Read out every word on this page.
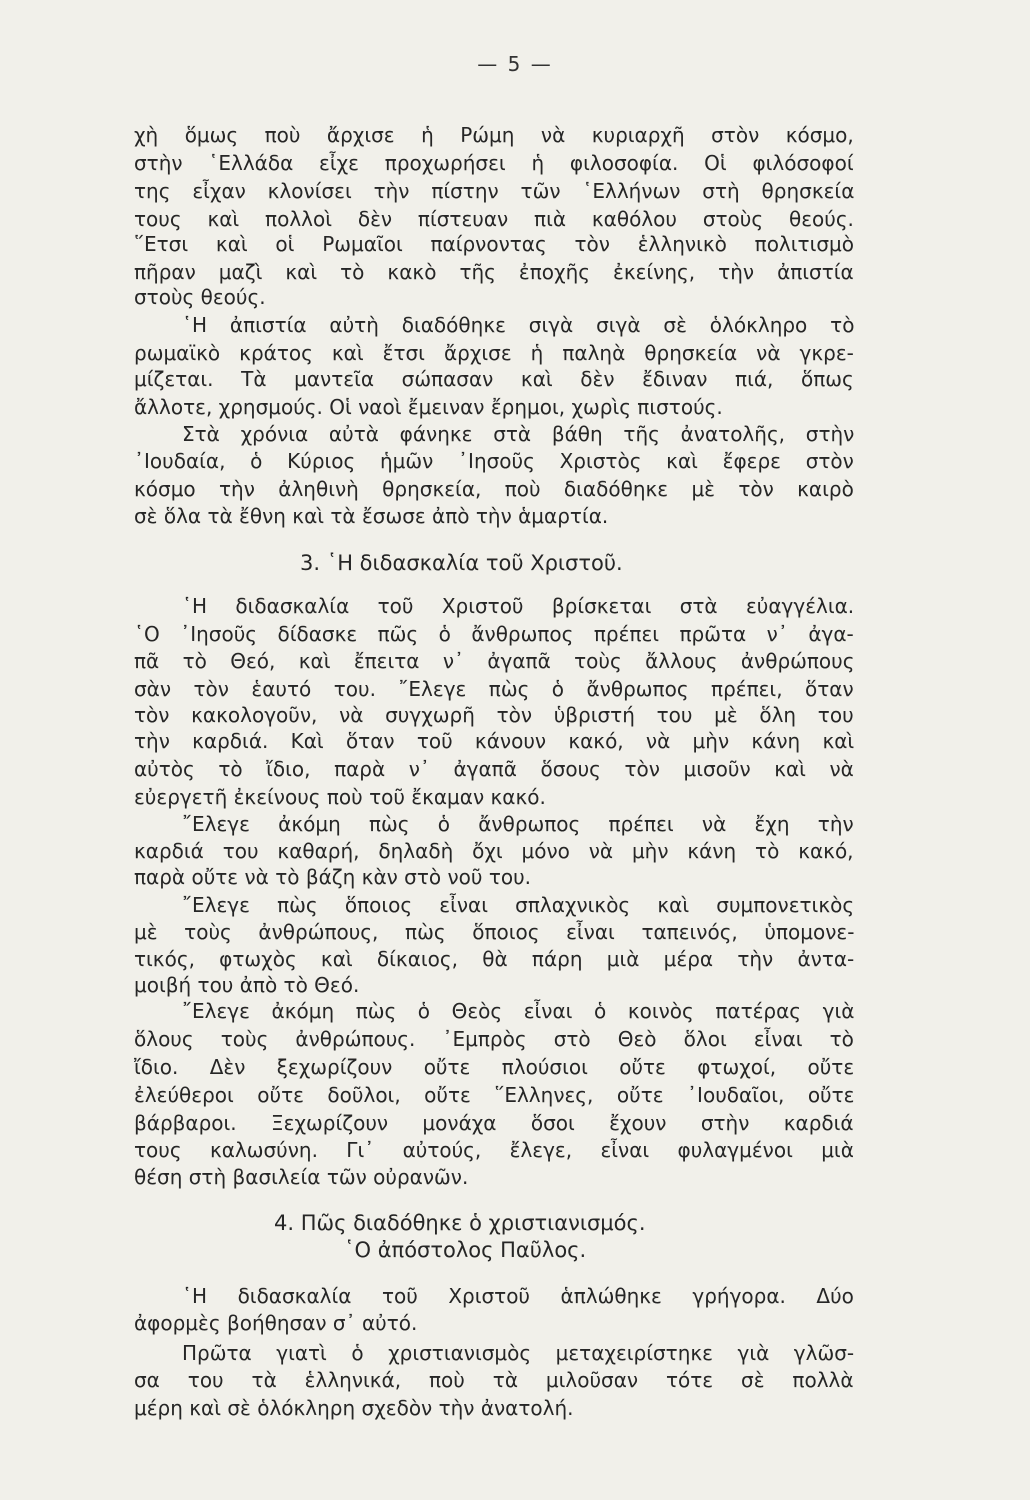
— 5 —

χὴ ὅμως ποὺ ἄρχισε ἡ Ρώμη νὰ κυριαρχῆ στὸν κόσμο,

στὴν ῾Ελλάδα εἶχε προχωρήσει ἡ φιλοσοφία. Οἱ φιλόσοφοί

της εἶχαν κλονίσει τὴν πίστην τῶν ῾Ελλήνων στὴ θρησκεία

τους καὶ πολλοὶ δὲν πίστευαν πιὰ καθόλου στοὺς θεούς.

῞Ετσι καὶ οἱ Ρωμαῖοι παίρνοντας τὸν ἑλληνικὸ πολιτισμὸ

πῆραν μαζὶ καὶ τὸ κακὸ τῆς ἐποχῆς ἐκείνης, τὴν ἀπιστία

στοὺς θεούς.

῾Η ἀπιστία αὐτὴ διαδόθηκε σιγὰ σιγὰ σὲ ὁλόκληρο τὸ

ρωμαϊκὸ κράτος καὶ ἔτσι ἄρχισε ἡ παληὰ θρησκεία νὰ γκρε-

μίζεται. Τὰ μαντεῖα σώπασαν καὶ δὲν ἔδιναν πιά, ὅπως

ἄλλοτε, χρησμούς. Οἱ ναοὶ ἔμειναν ἔρημοι, χωρὶς πιστούς.

Στὰ χρόνια αὐτὰ φάνηκε στὰ βάθη τῆς ἀνατολῆς, στὴν

᾿Ιουδαία, ὁ Κύριος ἡμῶν ᾿Ιησοῦς Χριστὸς καὶ ἔφερε στὸν

κόσμο τὴν ἀληθινὴ θρησκεία, ποὺ διαδόθηκε μὲ τὸν καιρὸ

σὲ ὅλα τὰ ἔθνη καὶ τὰ ἔσωσε ἀπὸ τὴν ἁμαρτία.

3. ῾Η διδασκαλία τοῦ Χριστοῦ.

῾Η διδασκαλία τοῦ Χριστοῦ βρίσκεται στὰ εὐαγγέλια.

῾Ο ᾿Ιησοῦς δίδασκε πῶς ὁ ἄνθρωπος πρέπει πρῶτα ν᾿ ἀγα-

πᾶ τὸ Θεό, καὶ ἔπειτα ν᾿ ἀγαπᾶ τοὺς ἄλλους ἀνθρώπους

σὰν τὸν ἑαυτό του. ῎Ελεγε πὼς ὁ ἄνθρωπος πρέπει, ὅταν

τὸν κακολογοῦν, νὰ συγχωρῆ τὸν ὑβριστή του μὲ ὅλη του

τὴν καρδιά. Καὶ ὅταν τοῦ κάνουν κακό, νὰ μὴν κάνη καὶ

αὐτὸς τὸ ἴδιο, παρὰ ν᾿ ἀγαπᾶ ὅσους τὸν μισοῦν καὶ νὰ

εὐεργετῆ ἐκείνους ποὺ τοῦ ἔκαμαν κακό.

῎Ελεγε ἀκόμη πὼς ὁ ἄνθρωπος πρέπει νὰ ἔχη τὴν

καρδιά του καθαρή, δηλαδὴ ὄχι μόνο νὰ μὴν κάνη τὸ κακό,

παρὰ οὔτε νὰ τὸ βάζη κὰν στὸ νοῦ του.

῎Ελεγε πὼς ὅποιος εἶναι σπλαχνικὸς καὶ συμπονετικὸς

μὲ τοὺς ἀνθρώπους, πὼς ὅποιος εἶναι ταπεινός, ὑπομονε-

τικός, φτωχὸς καὶ δίκαιος, θὰ πάρη μιὰ μέρα τὴν ἀντα-

μοιβή του ἀπὸ τὸ Θεό.

῎Ελεγε ἀκόμη πὼς ὁ Θεὸς εἶναι ὁ κοινὸς πατέρας γιὰ

ὅλους τοὺς ἀνθρώπους. ᾿Εμπρὸς στὸ Θεὸ ὅλοι εἶναι τὸ

ἴδιο. Δὲν ξεχωρίζουν οὔτε πλούσιοι οὔτε φτωχοί, οὔτε

ἐλεύθεροι οὔτε δοῦλοι, οὔτε ῞Ελληνες, οὔτε ᾿Ιουδαῖοι, οὔτε

βάρβαροι. Ξεχωρίζουν μονάχα ὅσοι ἔχουν στὴν καρδιά

τους καλωσύνη. Γι᾿ αὐτούς, ἔλεγε, εἶναι φυλαγμένοι μιὰ

θέση στὴ βασιλεία τῶν οὐρανῶν.

4. Πῶς διαδόθηκε ὁ χριστιανισμός.

῾Ο ἀπόστολος Παῦλος.

῾Η διδασκαλία τοῦ Χριστοῦ ἁπλώθηκε γρήγορα. Δύο

ἀφορμὲς βοήθησαν σ᾿ αὐτό.

Πρῶτα γιατὶ ὁ χριστιανισμὸς μεταχειρίστηκε γιὰ γλῶσ-

σα του τὰ ἑλληνικά, ποὺ τὰ μιλοῦσαν τότε σὲ πολλὰ

μέρη καὶ σὲ ὁλόκληρη σχεδὸν τὴν ἀνατολή.
